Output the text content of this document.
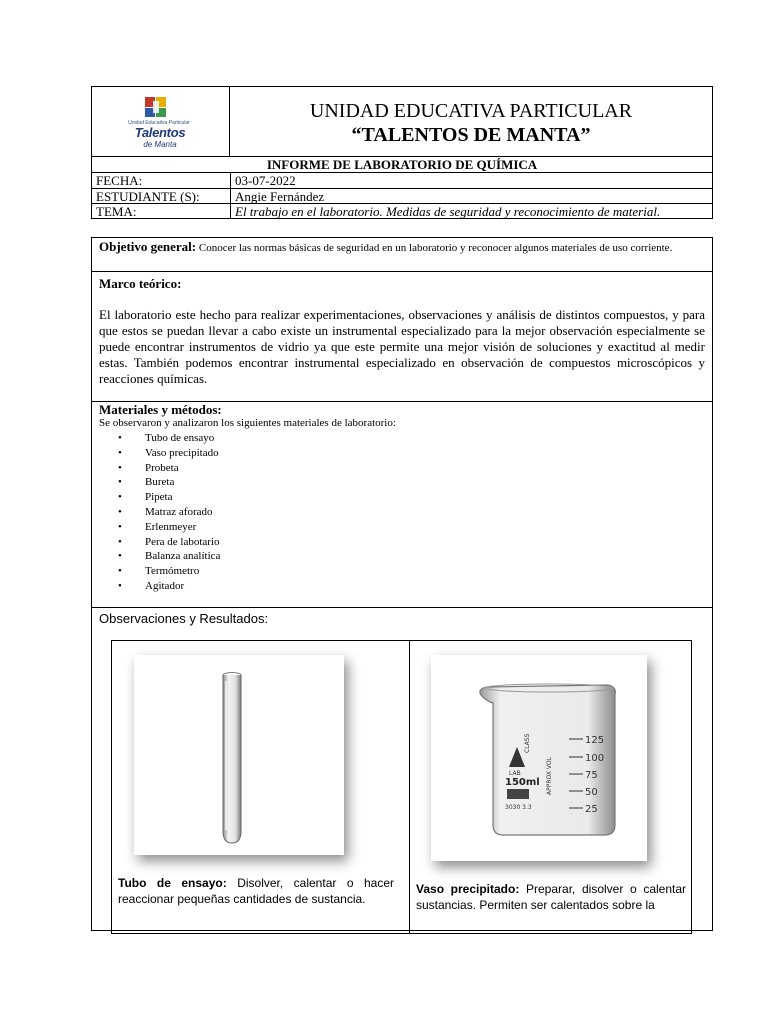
Unidad Educativa Particular
Talentos
de Manta
UNIDAD EDUCATIVA PARTICULAR
“TALENTOS DE MANTA”
INFORME DE LABORATORIO DE QUÍMICA
FECHA:	03-07-2022
ESTUDIANTE (S):	Angie Fernández
TEMA:	El trabajo en el laboratorio. Medidas de seguridad y reconocimiento de material.
Objetivo general: Conocer las normas básicas de seguridad en un laboratorio y reconocer algunos materiales de uso corriente.
Marco teórico:
El laboratorio este hecho para realizar experimentaciones, observaciones y análisis de distintos compuestos, y para que estos se puedan llevar a cabo existe un instrumental especializado para la mejor observación especialmente se puede encontrar instrumentos de vidrio ya que este permite una mejor visión de soluciones y exactitud al medir estas. También podemos encontrar instrumental especializado en observación de compuestos microscópicos y reacciones químicas.
Materiales y métodos:
Se observaron y analizaron los siguientes materiales de laboratorio:
• Tubo de ensayo
• Vaso precipitado
• Probeta
• Bureta
• Pipeta
• Matraz aforado
• Erlenmeyer
• Pera de labotario
• Balanza analítica
• Termómetro
• Agitador
Observaciones y Resultados:
Tubo de ensayo: Disolver, calentar o hacer reaccionar pequeñas cantidades de sustancia.
125
100
75
50
25
LAB
CLASS
150ml APPROX VOL
3030 3.3
Vaso precipitado: Preparar, disolver o calentar sustancias. Permiten ser calentados sobre la
